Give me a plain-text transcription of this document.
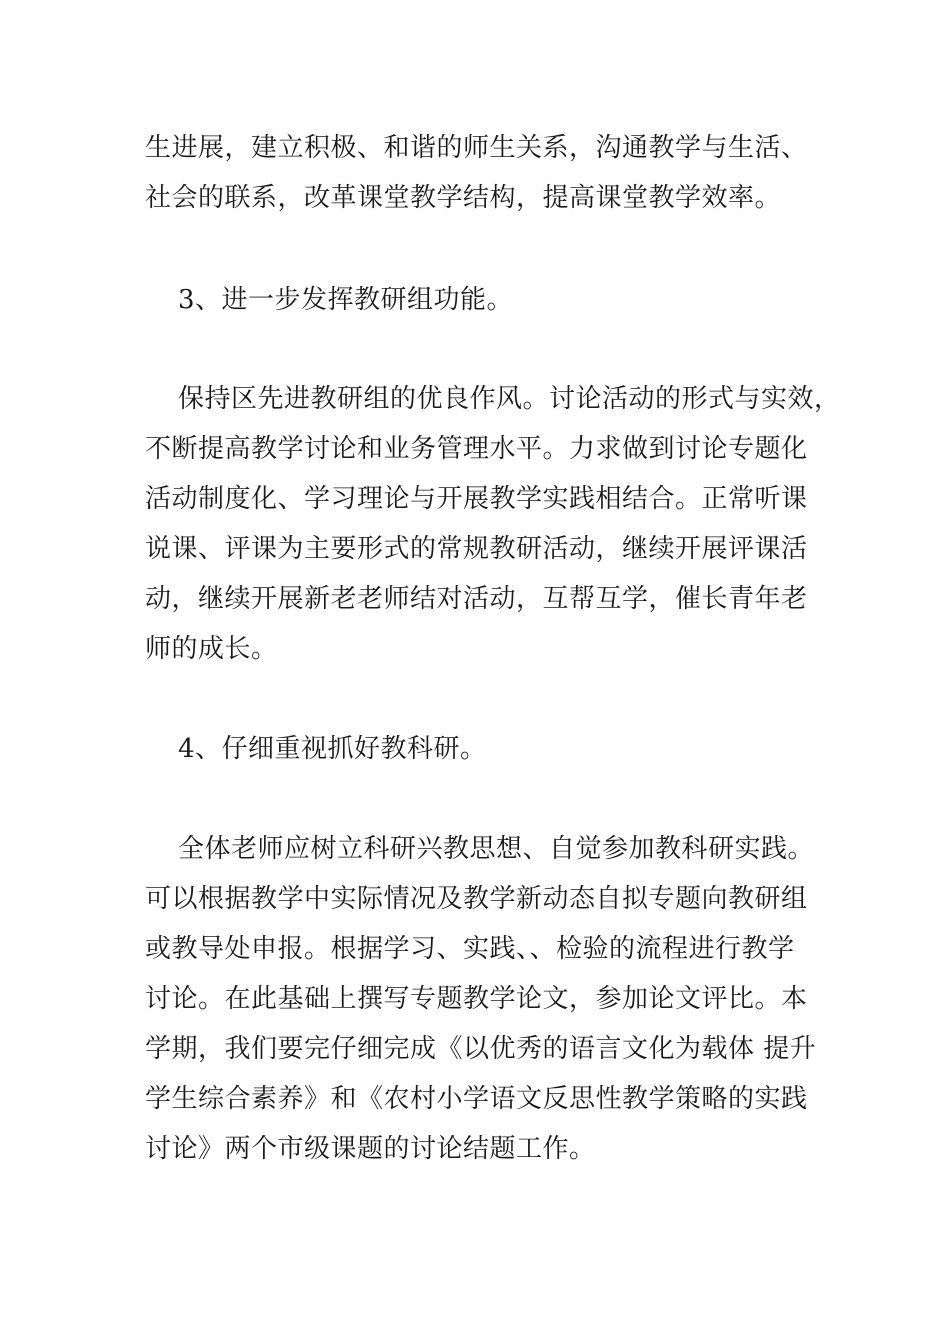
生进展，建立积极、和谐的师生关系，沟通教学与生活、
社会的联系，改革课堂教学结构，提高课堂教学效率。
3、进一步发挥教研组功能。
保持区先进教研组的优良作风。讨论活动的形式与实效，
不断提高教学讨论和业务管理水平。力求做到讨论专题化
活动制度化、学习理论与开展教学实践相结合。正常听课
说课、评课为主要形式的常规教研活动，继续开展评课活
动，继续开展新老老师结对活动，互帮互学，催长青年老
师的成长。
4、仔细重视抓好教科研。
全体老师应树立科研兴教思想、自觉参加教科研实践。
可以根据教学中实际情况及教学新动态自拟专题向教研组
或教导处申报。根据学习、实践、、检验的流程进行教学
讨论。在此基础上撰写专题教学论文，参加论文评比。本
学期，我们要完仔细完成《以优秀的语言文化为载体 提升
学生综合素养》和《农村小学语文反思性教学策略的实践
讨论》两个市级课题的讨论结题工作。
